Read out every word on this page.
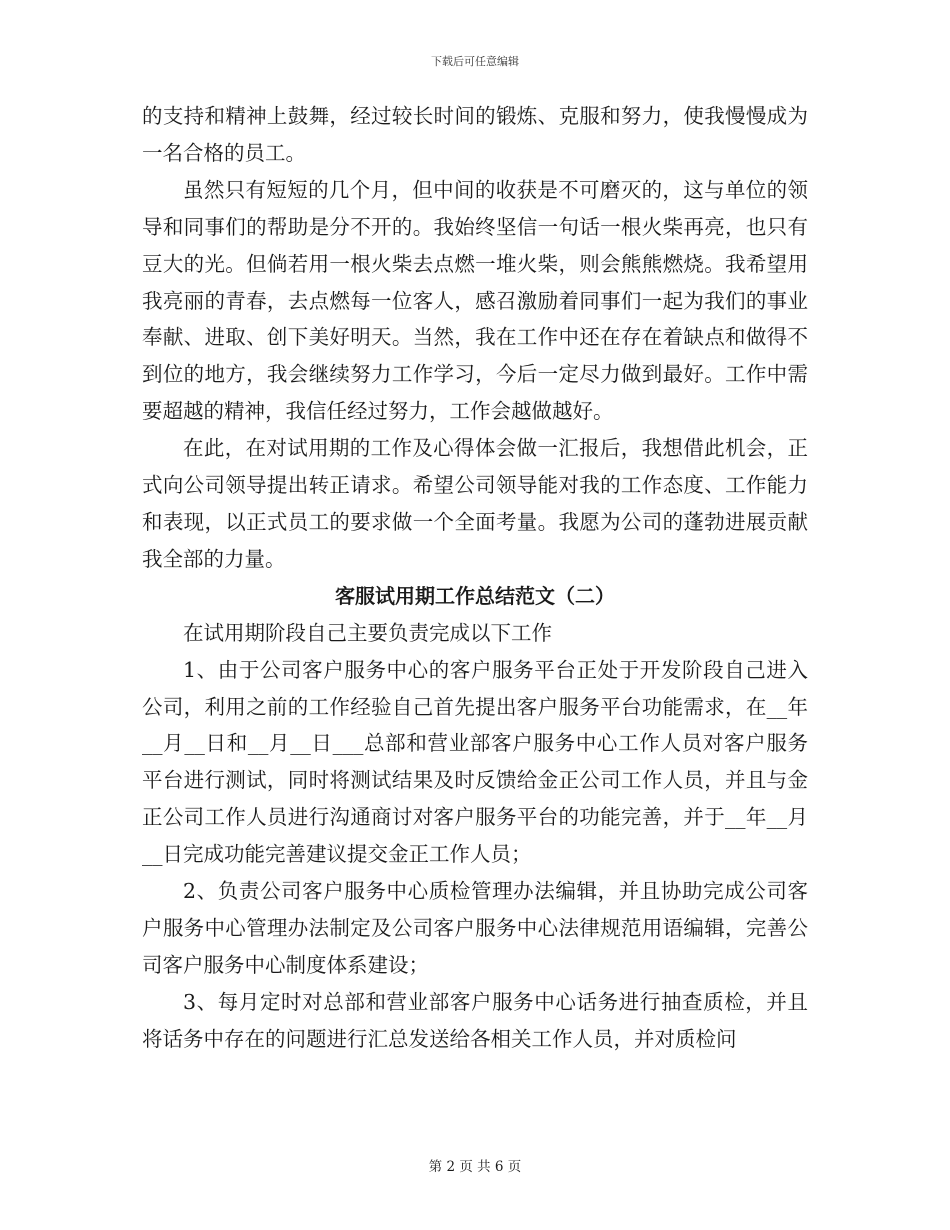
下载后可任意编辑

的支持和精神上鼓舞，经过较长时间的锻炼、克服和努力，使我慢慢成为一名合格的员工。

虽然只有短短的几个月，但中间的收获是不可磨灭的，这与单位的领导和同事们的帮助是分不开的。我始终坚信一句话一根火柴再亮，也只有豆大的光。但倘若用一根火柴去点燃一堆火柴，则会熊熊燃烧。我希望用我亮丽的青春，去点燃每一位客人，感召激励着同事们一起为我们的事业奉献、进取、创下美好明天。当然，我在工作中还在存在着缺点和做得不到位的地方，我会继续努力工作学习，今后一定尽力做到最好。工作中需要超越的精神，我信任经过努力，工作会越做越好。

在此，在对试用期的工作及心得体会做一汇报后，我想借此机会，正式向公司领导提出转正请求。希望公司领导能对我的工作态度、工作能力和表现，以正式员工的要求做一个全面考量。我愿为公司的蓬勃进展贡献我全部的力量。

客服试用期工作总结范文（二）

在试用期阶段自己主要负责完成以下工作

1、由于公司客户服务中心的客户服务平台正处于开发阶段自己进入公司，利用之前的工作经验自己首先提出客户服务平台功能需求，在__年__月__日和__月__日___总部和营业部客户服务中心工作人员对客户服务平台进行测试，同时将测试结果及时反馈给金正公司工作人员，并且与金正公司工作人员进行沟通商讨对客户服务平台的功能完善，并于__年__月__日完成功能完善建议提交金正工作人员；

2、负责公司客户服务中心质检管理办法编辑，并且协助完成公司客户服务中心管理办法制定及公司客户服务中心法律规范用语编辑，完善公司客户服务中心制度体系建设；

3、每月定时对总部和营业部客户服务中心话务进行抽查质检，并且将话务中存在的问题进行汇总发送给各相关工作人员，并对质检问

第 2 页 共 6 页
